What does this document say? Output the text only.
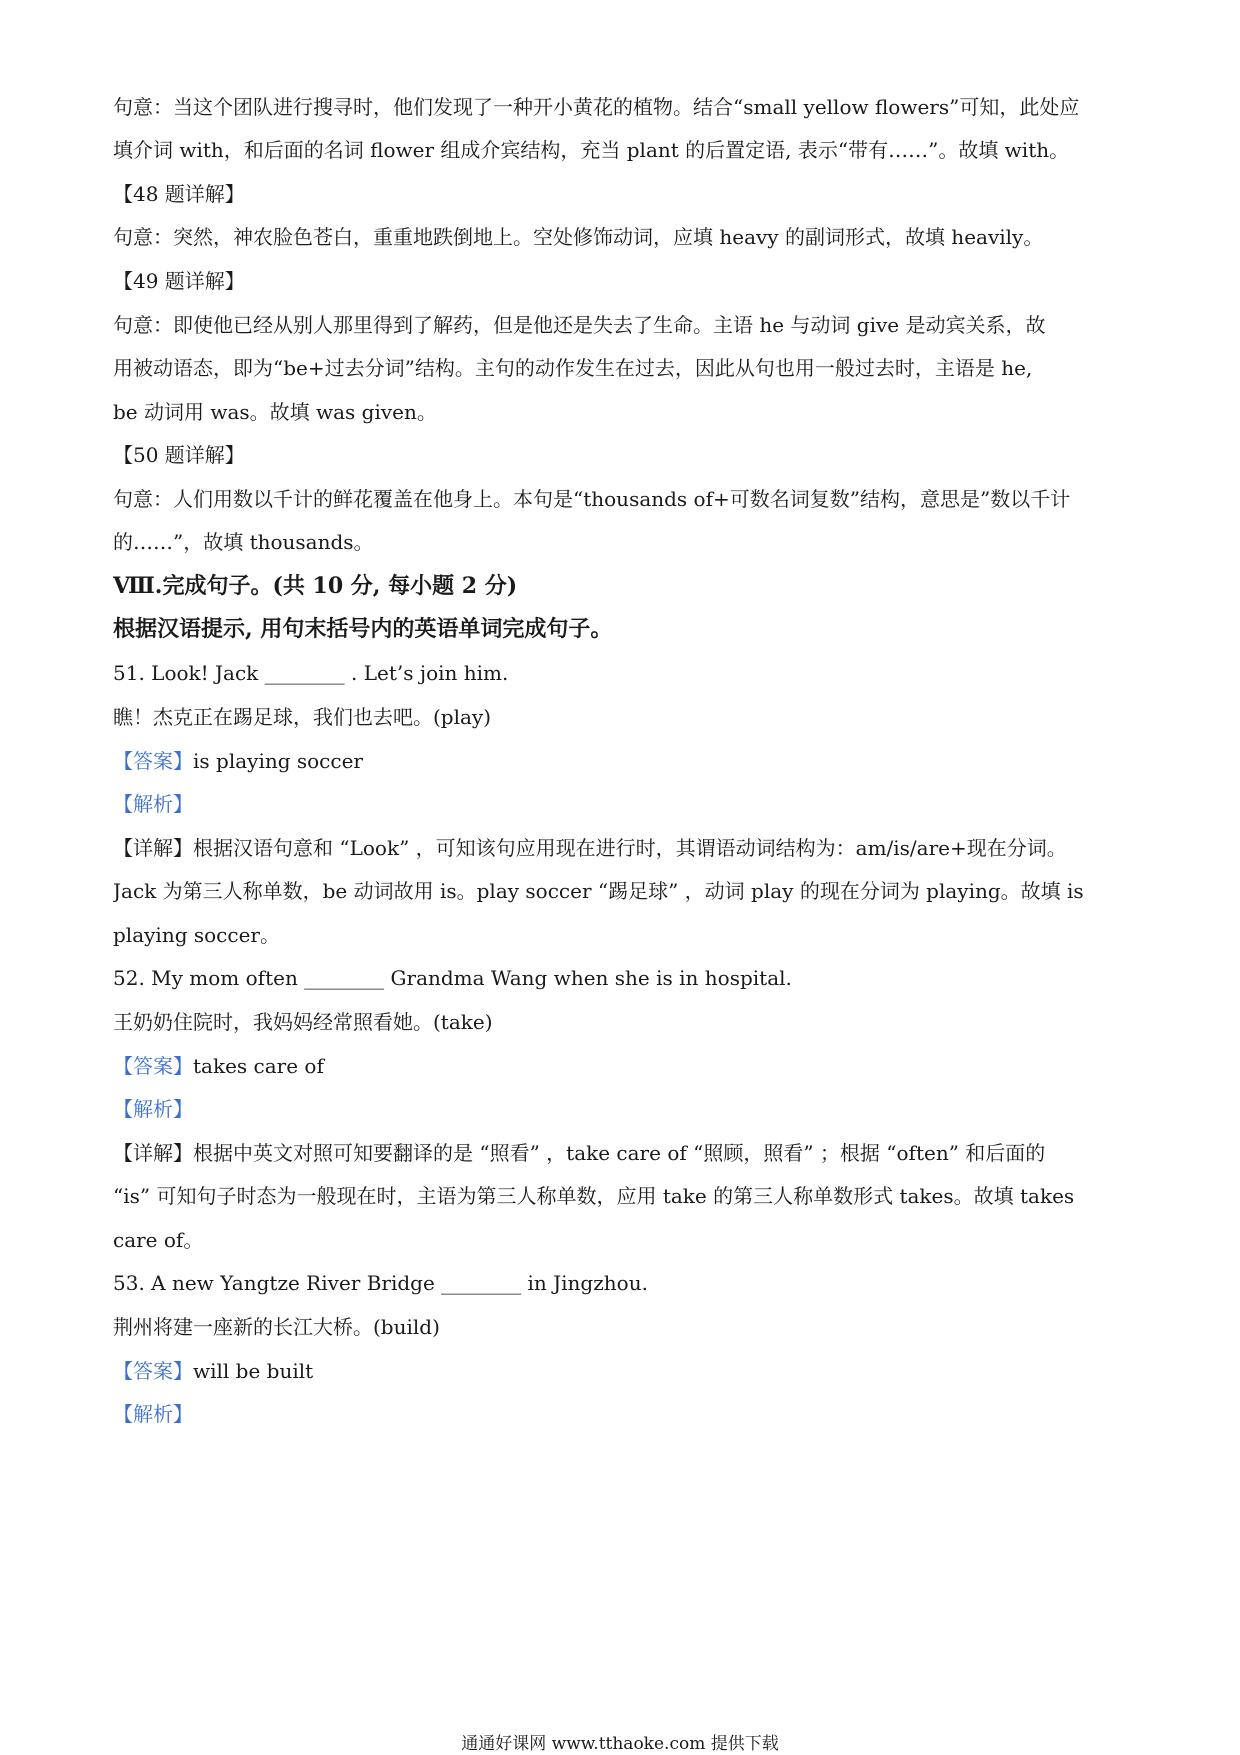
句意：当这个团队进行搜寻时，他们发现了一种开小黄花的植物。结合“small yellow flowers”可知，此处应
填介词 with，和后面的名词 flower 组成介宾结构，充当 plant 的后置定语, 表示“带有……”。故填 with。
【48 题详解】
句意：突然，神农脸色苍白，重重地跌倒地上。空处修饰动词，应填 heavy 的副词形式，故填 heavily。
【49 题详解】
句意：即使他已经从别人那里得到了解药，但是他还是失去了生命。主语 he 与动词 give 是动宾关系，故
用被动语态，即为“be+过去分词”结构。主句的动作发生在过去，因此从句也用一般过去时，主语是 he,
be 动词用 was。故填 was given。
【50 题详解】
句意：人们用数以千计的鲜花覆盖在他身上。本句是“thousands of+可数名词复数”结构，意思是”数以千计
的……”，故填 thousands。
Ⅷ.完成句子。(共 10 分, 每小题 2 分)
根据汉语提示, 用句末括号内的英语单词完成句子。
51. Look! Jack ________ . Let’s join him.
瞧！杰克正在踢足球，我们也去吧。(play)
【答案】is playing soccer
【解析】
【详解】根据汉语句意和 “Look” ，可知该句应用现在进行时，其谓语动词结构为：am/is/are+现在分词。
Jack 为第三人称单数，be 动词故用 is。play soccer “踢足球” ，动词 play 的现在分词为 playing。故填 is
playing soccer。
52. My mom often ________ Grandma Wang when she is in hospital.
王奶奶住院时，我妈妈经常照看她。(take)
【答案】takes care of
【解析】
【详解】根据中英文对照可知要翻译的是 “照看” ，take care of “照顾，照看” ；根据 “often” 和后面的
“is” 可知句子时态为一般现在时，主语为第三人称单数，应用 take 的第三人称单数形式 takes。故填 takes
care of。
53. A new Yangtze River Bridge ________ in Jingzhou.
荆州将建一座新的长江大桥。(build)
【答案】will be built
【解析】
通通好课网 www.tthaoke.com 提供下载
